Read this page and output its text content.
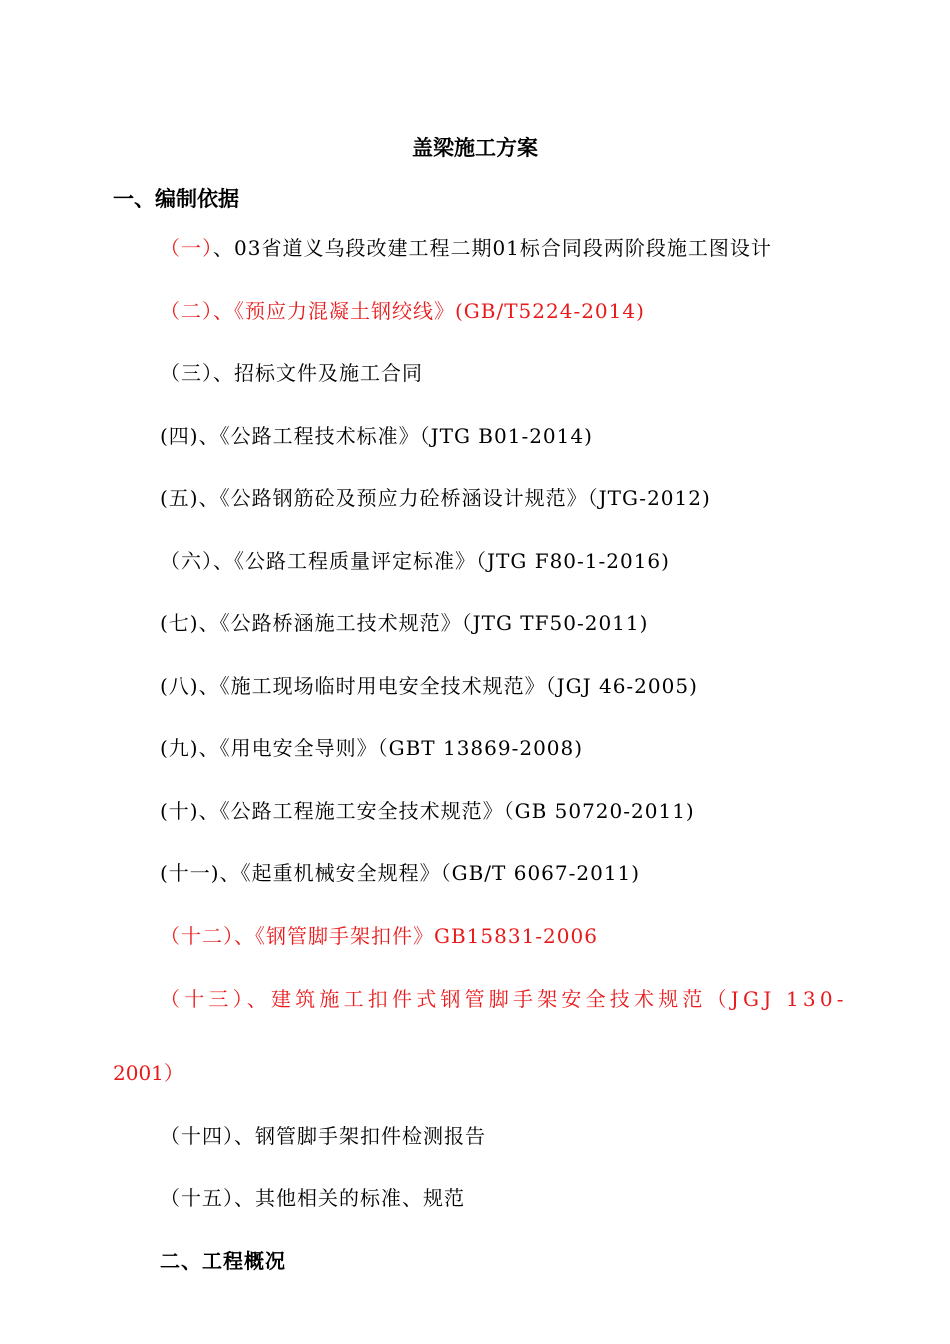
盖梁施工方案
一、编制依据

（一）、03省道义乌段改建工程二期01标合同段两阶段施工图设计

（二）、《预应力混凝土钢绞线》(GB/T5224-2014)

（三）、招标文件及施工合同

(四)、《公路工程技术标准》（JTG B01-2014)

(五)、《公路钢筋砼及预应力砼桥涵设计规范》（JTG-2012)

（六）、《公路工程质量评定标准》（JTG F80-1-2016)

(七)、《公路桥涵施工技术规范》（JTG TF50-2011)

(八)、《施工现场临时用电安全技术规范》（JGJ 46-2005)

(九)、《用电安全导则》（GBT 13869-2008)

(十)、《公路工程施工安全技术规范》（GB 50720-2011)

(十一)、《起重机械安全规程》（GB/T 6067-2011)

（十二）、《钢管脚手架扣件》GB15831-2006

（十三）、建筑施工扣件式钢管脚手架安全技术规范（JGJ 130-

2001）

（十四）、钢管脚手架扣件检测报告

（十五）、其他相关的标准、规范

二、工程概况
